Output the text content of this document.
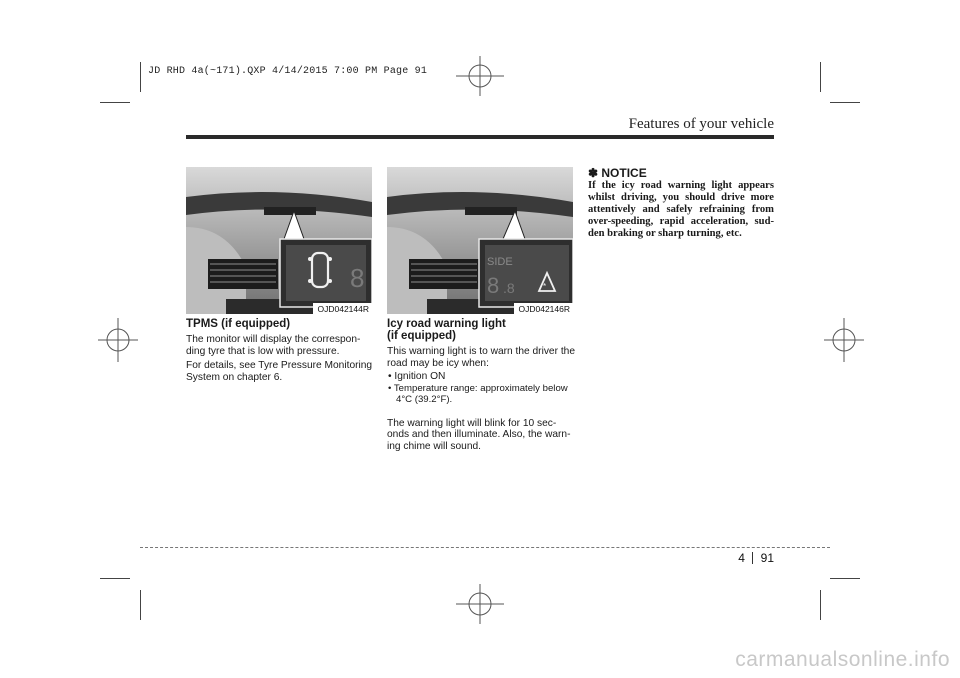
JD RHD 4a(~171).QXP 4/14/2015 7:00 PM Page 91
Features of your vehicle
8
OJD042144R
TPMS (if equipped)

The monitor will display the correspon-ding tyre that is low with pressure.

For details, see Tyre Pressure Monitoring System on chapter 6.

SIDE
8 .8	*
OJD042146R
Icy road warning light
(if equipped)

This warning light is to warn the driver the road may be icy when:

• Ignition ON
• Temperature range: approximately below 4°C (39.2°F).

The warning light will blink for 10 sec-onds and then illuminate. Also, the warn-ing chime will sound.

✽ NOTICE
If the icy road warning light appears whilst driving, you should drive more attentively and safely refraining from over-speeding, rapid acceleration, sud-den braking or sharp turning, etc.
4 91
carmanualsonline.info
